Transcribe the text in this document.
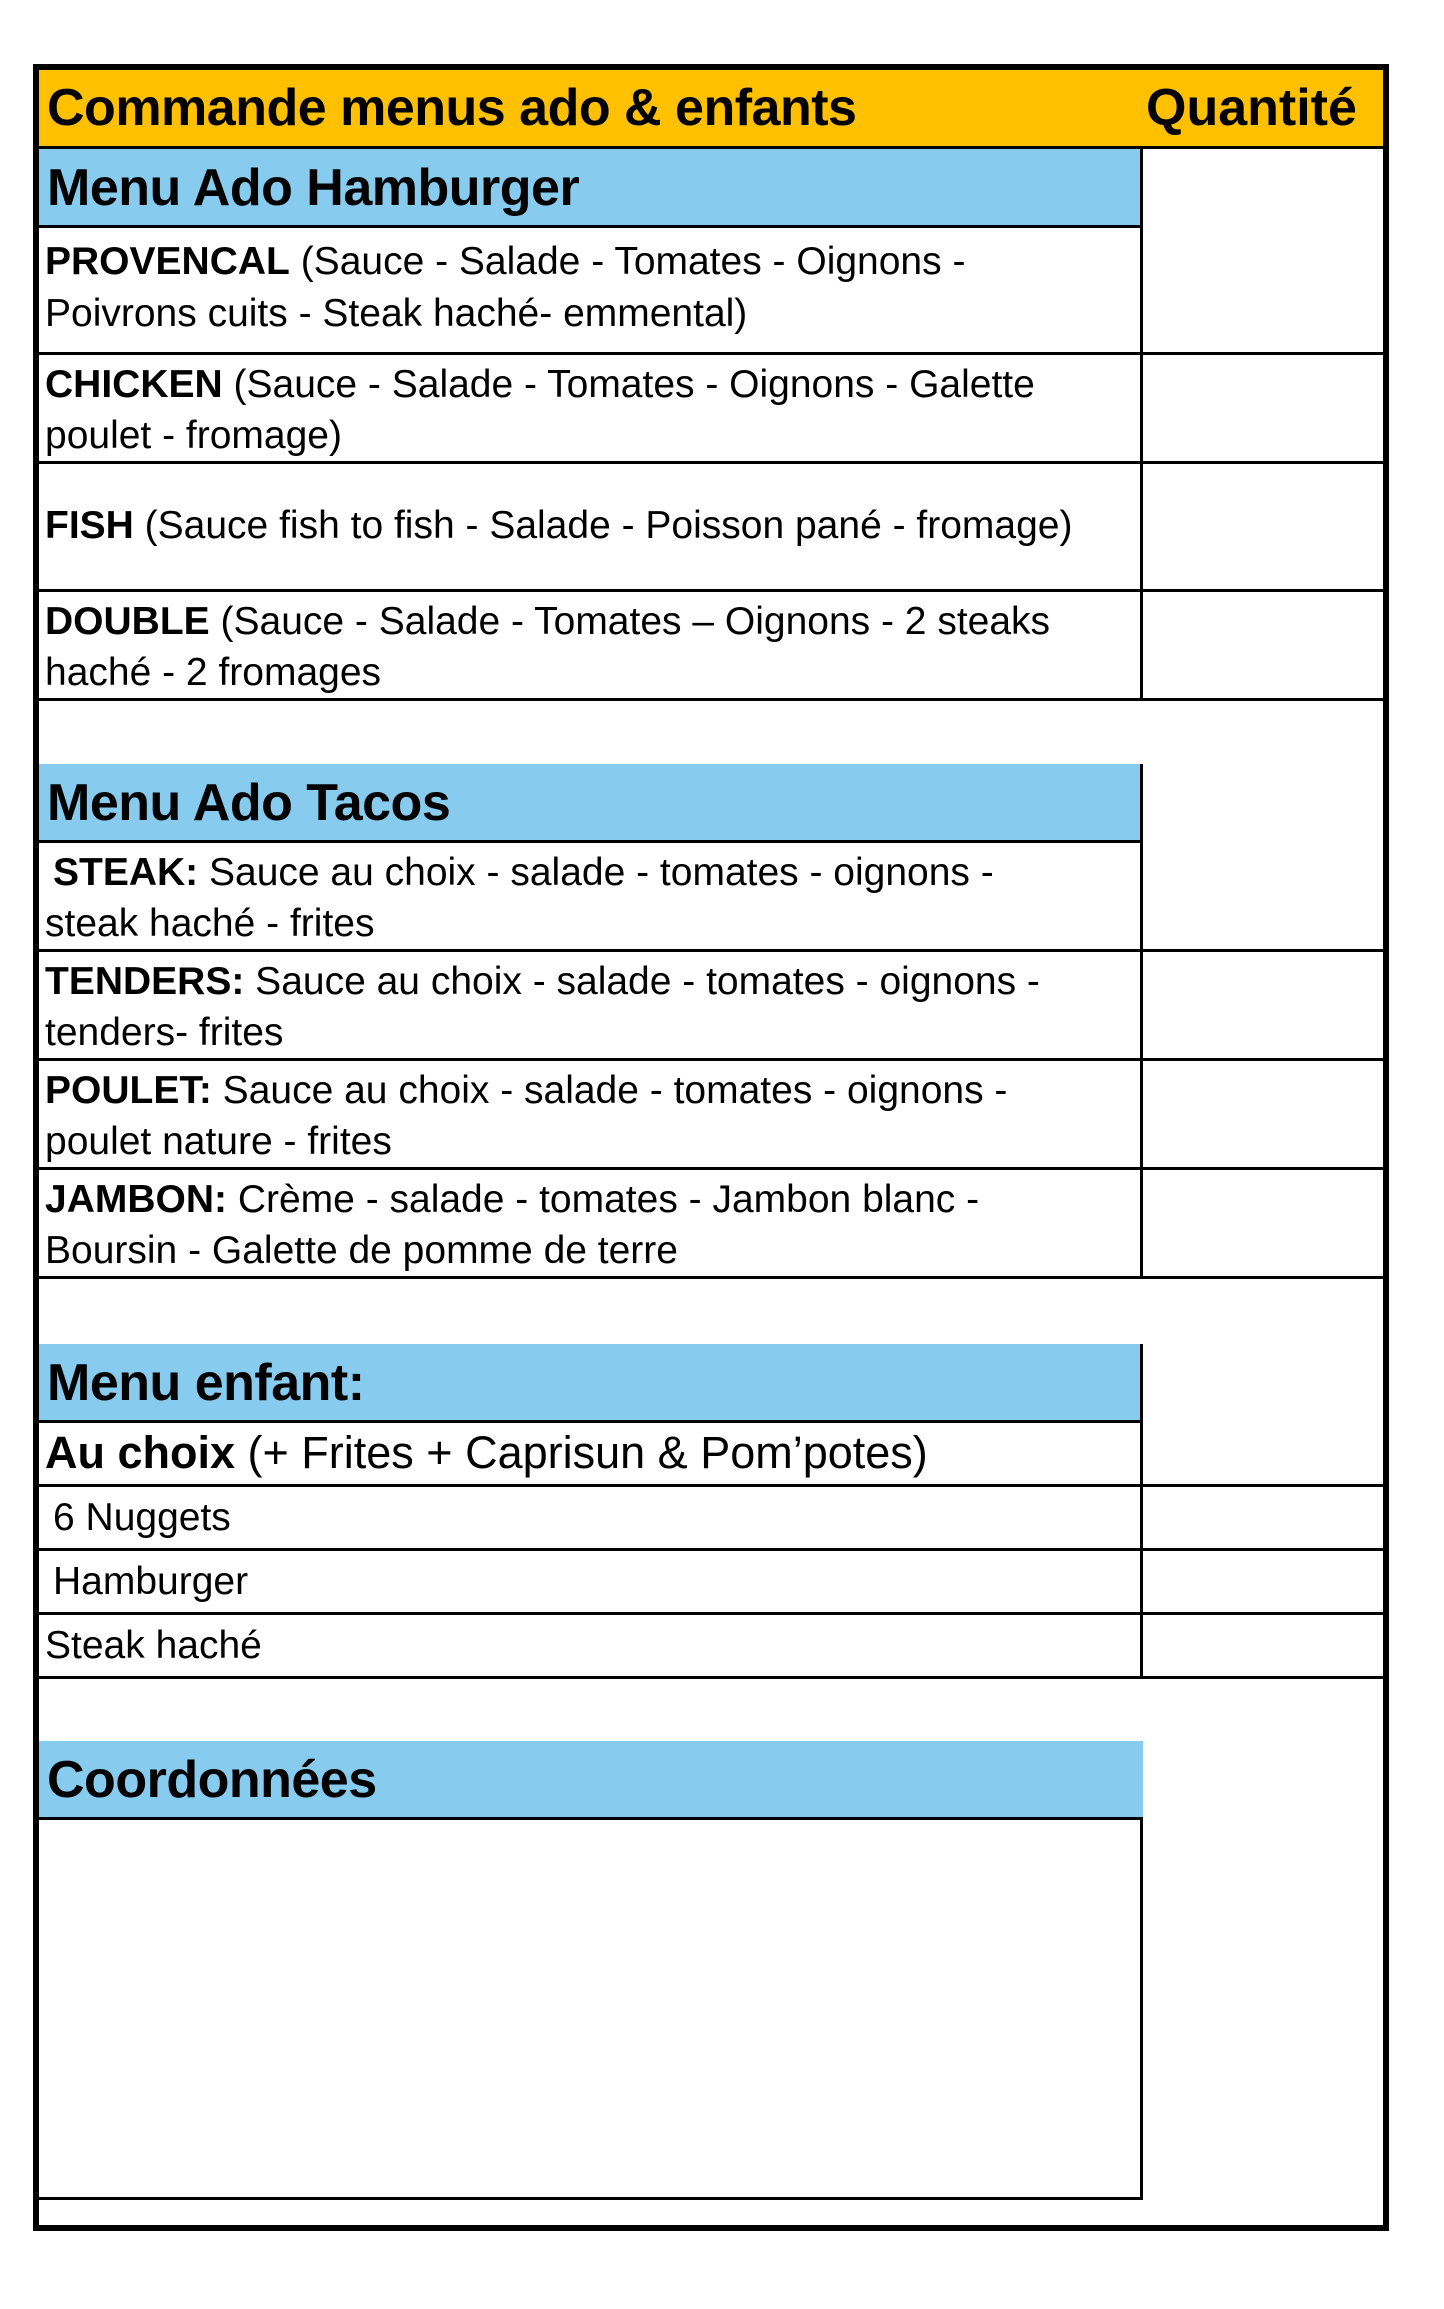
Commande menus ado & enfants	Quantité
Menu Ado Hamburger
PROVENCAL (Sauce - Salade - Tomates - Oignons -
Poivrons cuits - Steak haché- emmental)
CHICKEN (Sauce - Salade - Tomates - Oignons - Galette
poulet - fromage)
FISH (Sauce fish to fish - Salade - Poisson pané - fromage)
DOUBLE (Sauce - Salade - Tomates – Oignons - 2 steaks
haché - 2 fromages
Menu Ado Tacos
STEAK: Sauce au choix - salade - tomates - oignons -
steak haché - frites
TENDERS: Sauce au choix - salade - tomates - oignons -
tenders- frites
POULET: Sauce au choix - salade - tomates - oignons -
poulet nature - frites
JAMBON: Crème - salade - tomates - Jambon blanc -
Boursin - Galette de pomme de terre
Menu enfant:
Au choix (+ Frites + Caprisun & Pom’potes)
6 Nuggets
Hamburger
Steak haché
Coordonnées
